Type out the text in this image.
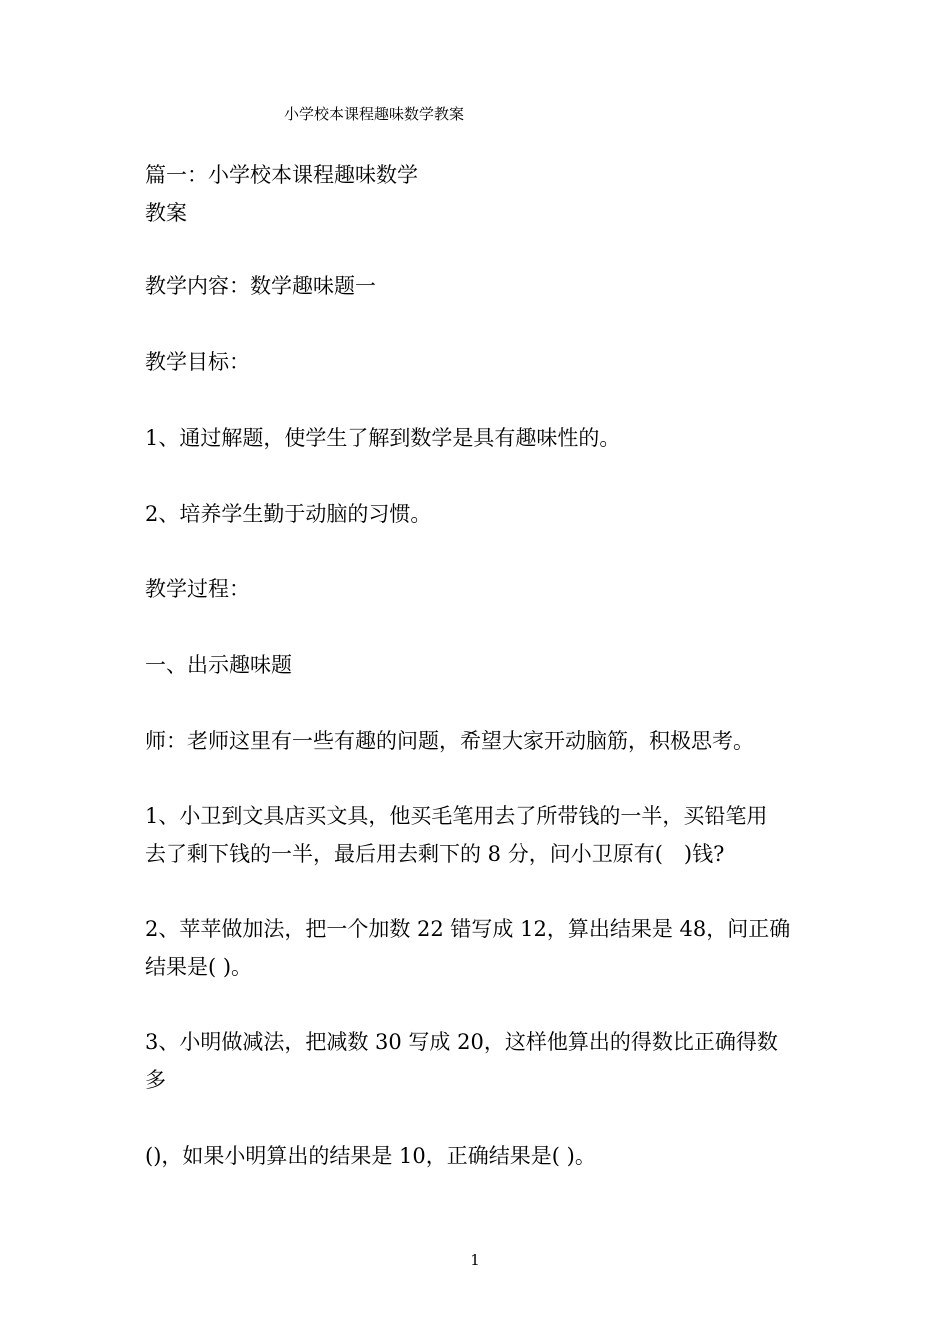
小学校本课程趣味数学教案
篇一：小学校本课程趣味数学
教案
教学内容：数学趣味题一
教学目标：
1、通过解题，使学生了解到数学是具有趣味性的。
2、培养学生勤于动脑的习惯。
教学过程：
一、出示趣味题
师：老师这里有一些有趣的问题，希望大家开动脑筋，积极思考。
1、小卫到文具店买文具，他买毛笔用去了所带钱的一半，买铅笔用
去了剩下钱的一半，最后用去剩下的 8 分，问小卫原有(　)钱?
2、苹苹做加法，把一个加数 22 错写成 12，算出结果是 48，问正确
结果是( )。
3、小明做减法，把减数 30 写成 20，这样他算出的得数比正确得数
多
()，如果小明算出的结果是 10，正确结果是( )。
1
